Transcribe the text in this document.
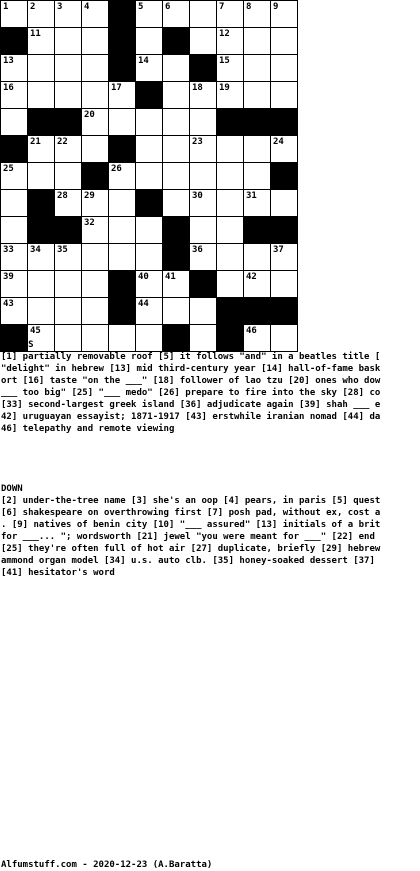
1 2 3 4	5 6	7 8 9
11	12
13	14	15
16	17	18 19
20
21 22	23	24
25	26
28 29	30	31
32
33 34 35	36	37
39	40 41	42
43	44
45	46
ACROSS
[1] partially removable roof [5] it follows "and" in a beatles title [
"delight" in hebrew [13] mid third-century year [14] hall-of-fame bask
ort [16] taste "on the ___" [18] follower of lao tzu [20] ones who dow
___ too big" [25] "___ medo" [26] prepare to fire into the sky [28] co
[33] second-largest greek island [36] adjudicate again [39] shah ___ e
42] uruguayan essayist; 1871-1917 [43] erstwhile iranian nomad [44] da
46] telepathy and remote viewing
DOWN
[2] under-the-tree name [3] she's an oop [4] pears, in paris [5] quest
[6] shakespeare on overthrowing first [7] posh pad, without ex, cost a
. [9] natives of benin city [10] "___ assured" [13] initials of a brit
for ___... "; wordsworth [21] jewel "you were meant for ___" [22] end
[25] they're often full of hot air [27] duplicate, briefly [29] hebrew
ammond organ model [34] u.s. auto clb. [35] honey-soaked dessert [37]
[41] hesitator's word
Alfumstuff.com - 2020-12-23 (A.Baratta)
